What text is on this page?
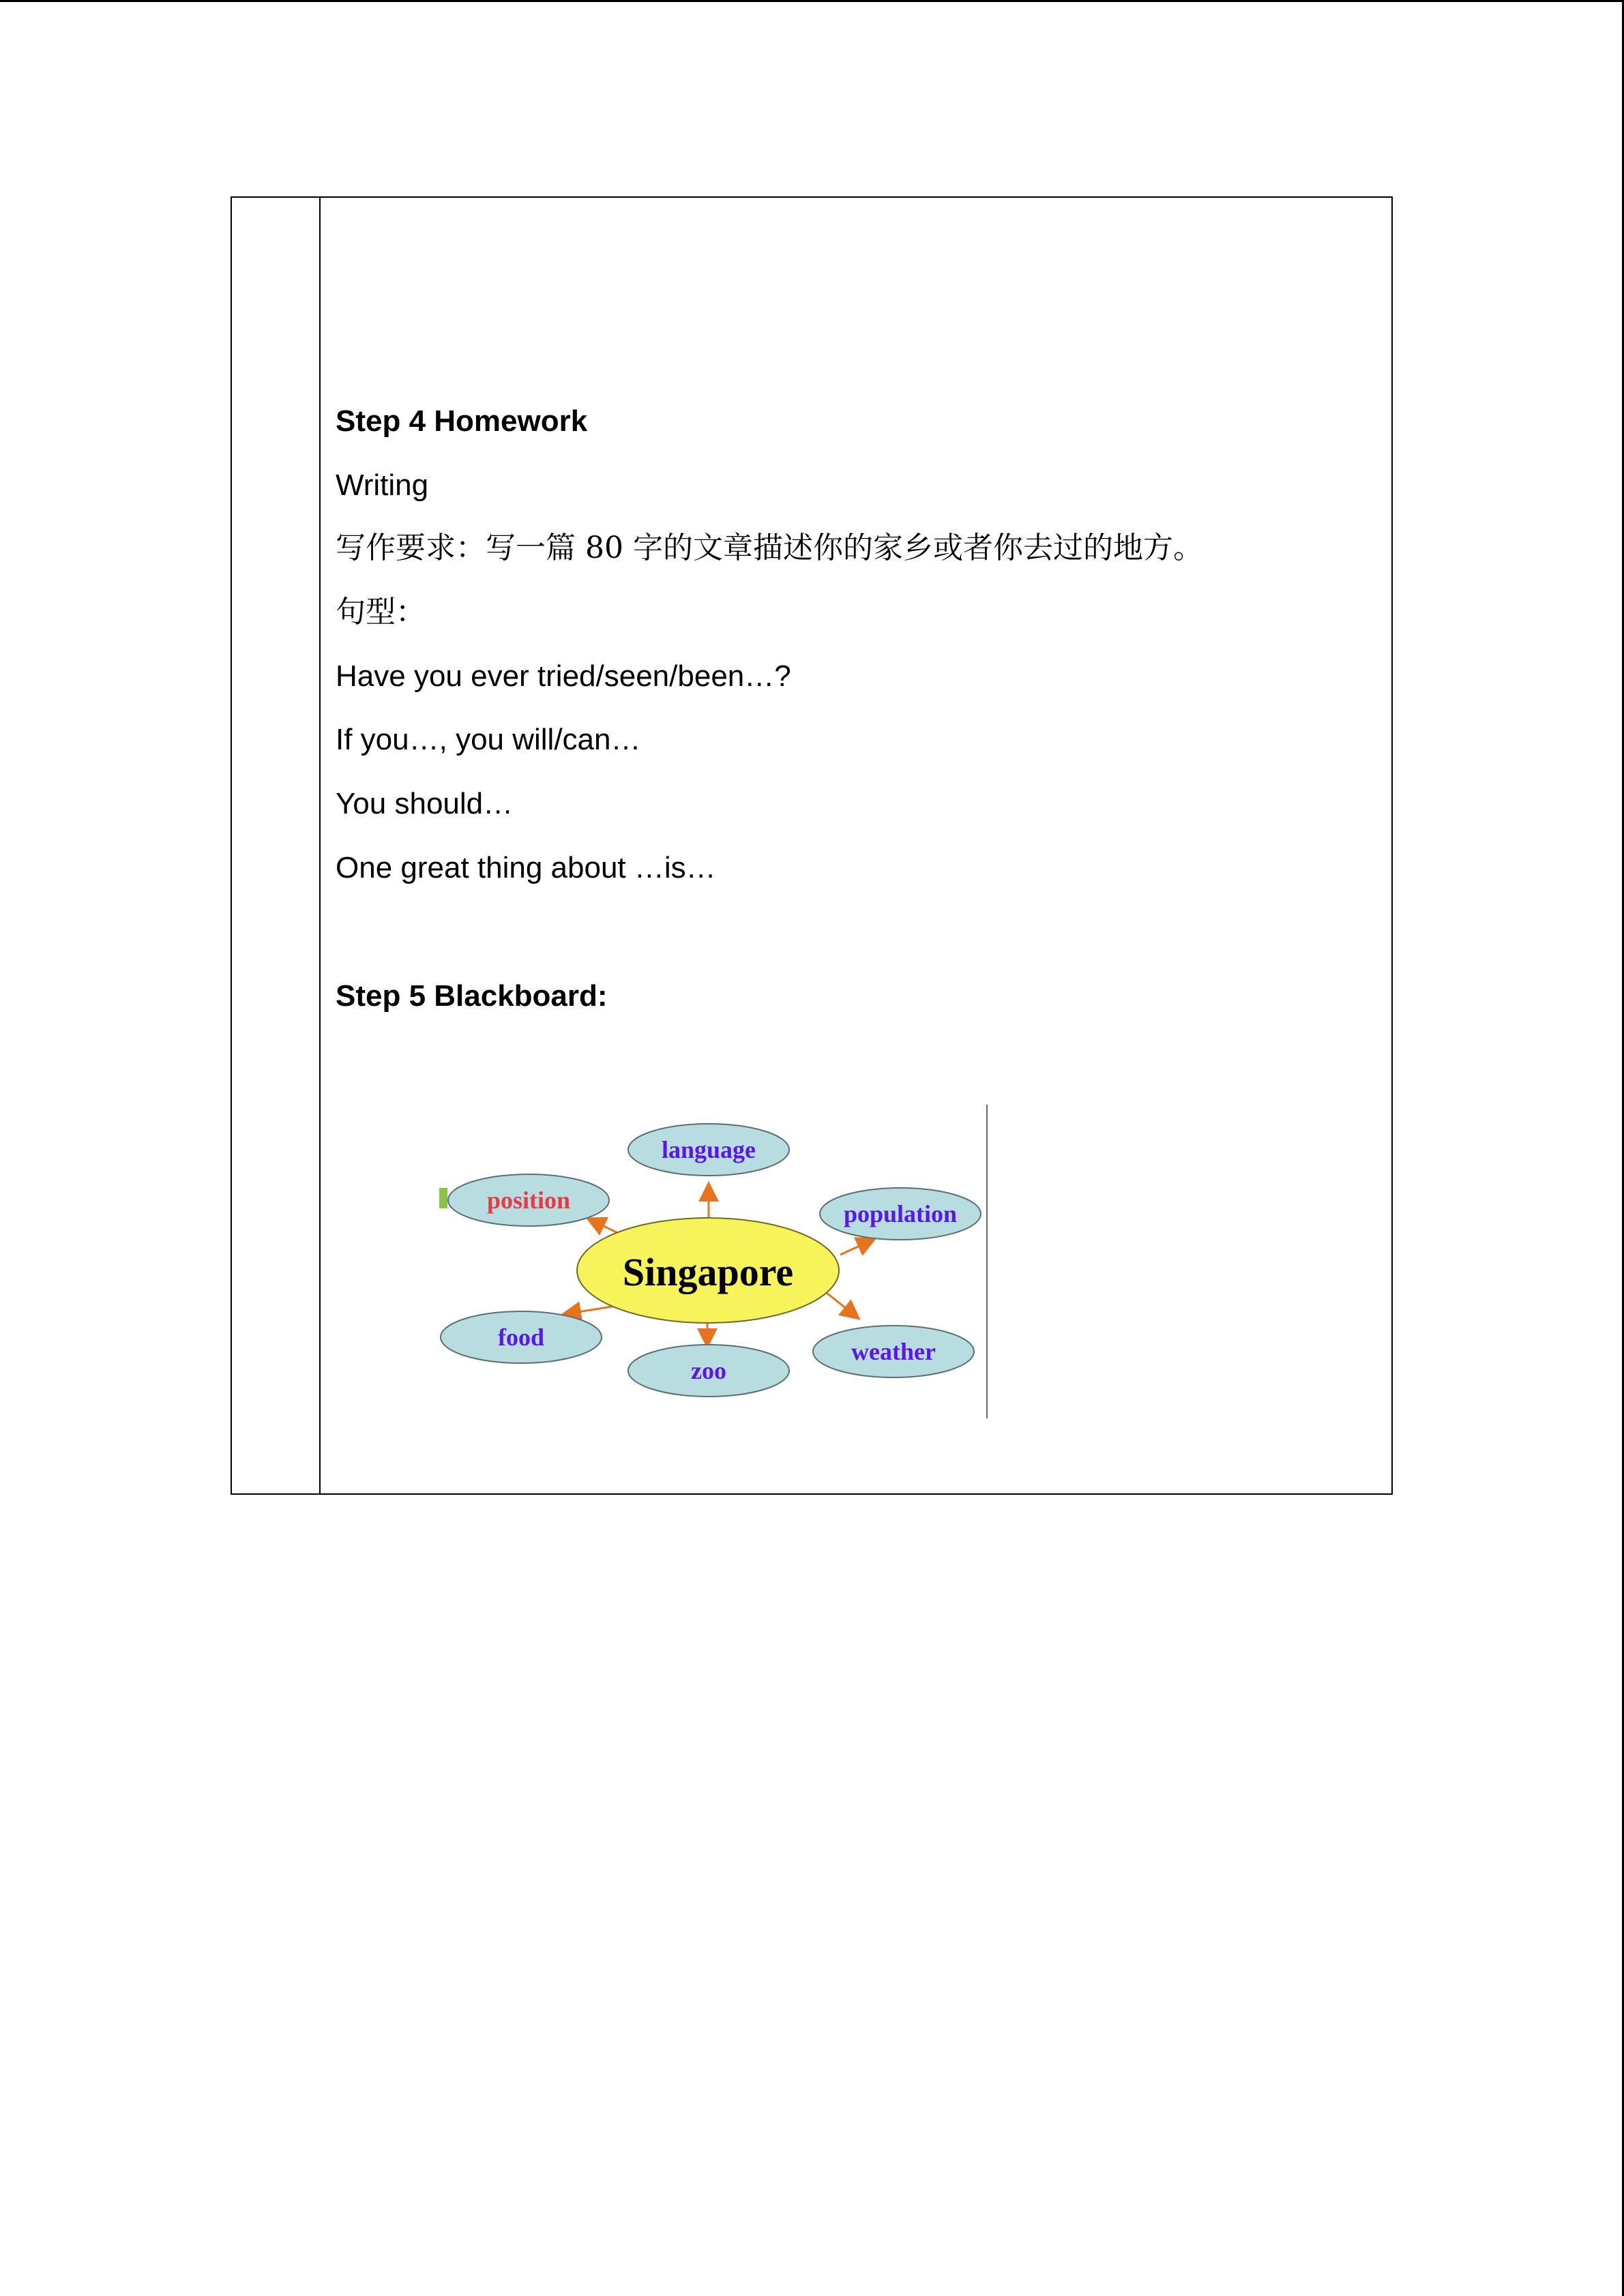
Step 4 Homework
Writing
写作要求：写一篇 80 字的文章描述你的家乡或者你去过的地方。
句型：
Have you ever tried/seen/been…?
If you…, you will/can…
You should…
One great thing about …is…
Step 5 Blackboard:
language
position	population
Singapore
food
zoo
weather
